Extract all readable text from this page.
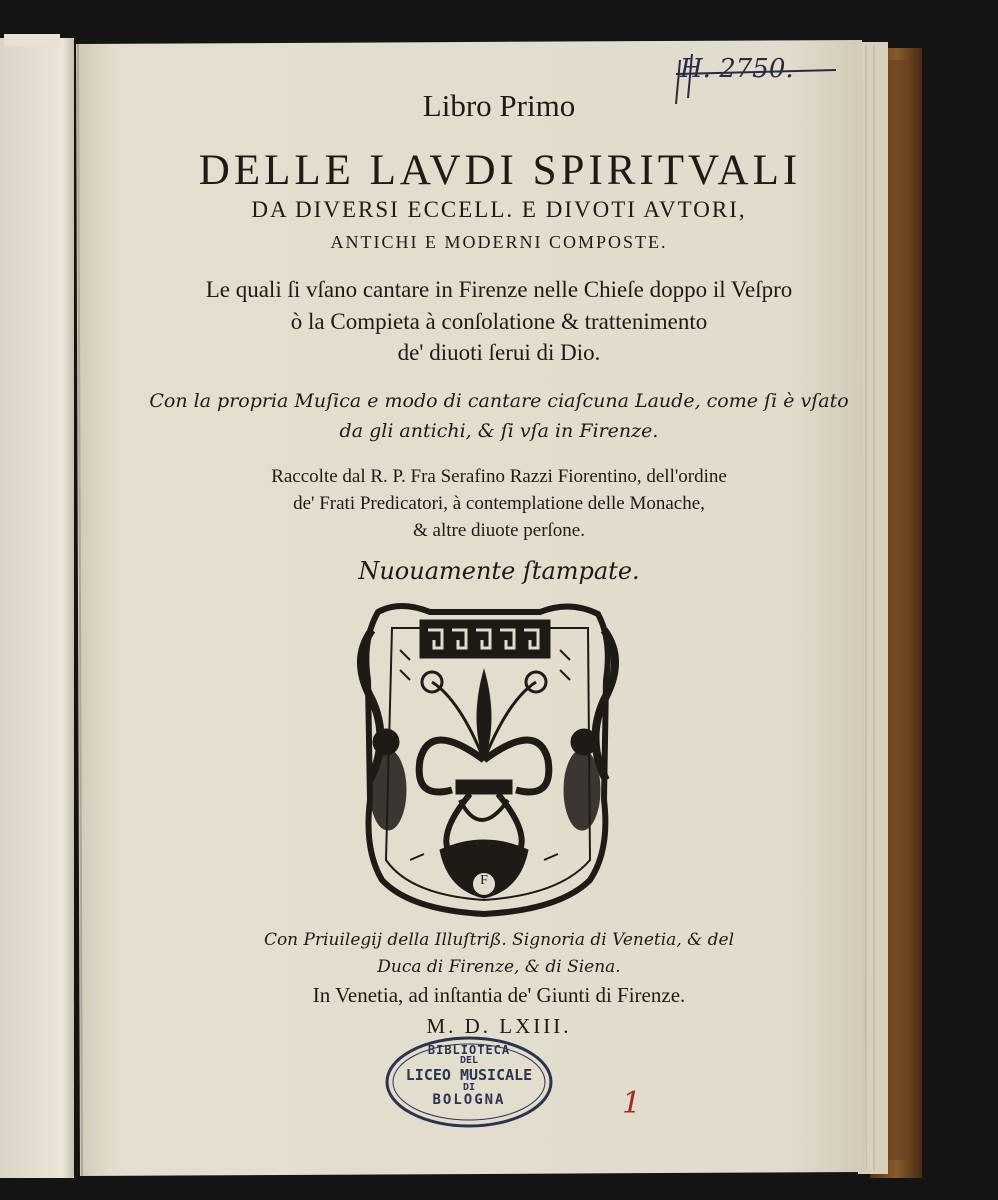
Libro Primo
DELLE LAVDI SPIRITVALI
DA DIVERSI ECCELL. E DIVOTI AVTORI,
ANTICHI E MODERNI COMPOSTE.
Le quali ſi vſano cantare in Firenze nelle Chieſe doppo il Veſpro
ò la Compieta à conſolatione & trattenimento
de' diuoti ſerui di Dio.
Con la propria Muſica e modo di cantare ciaſcuna Laude, come ſi è vſato
da gli antichi, & ſi vſa in Firenze.
Raccolte dal R. P. Fra Serafino Razzi Fiorentino, dell'ordine
de' Frati Predicatori, à contemplatione delle Monache,
& altre diuote perſone.
Nuouamente ſtampate.
F
Con Priuilegij della Illuſtriß. Signoria di Venetia, & del
Duca di Firenze, & di Siena.
In Venetia, ad inſtantia de' Giunti di Firenze.
M. D. LXIII.
BIBLIOTECA
DEL
LICEO MUSICALE
DI
BOLOGNA
H. 2750.
1
